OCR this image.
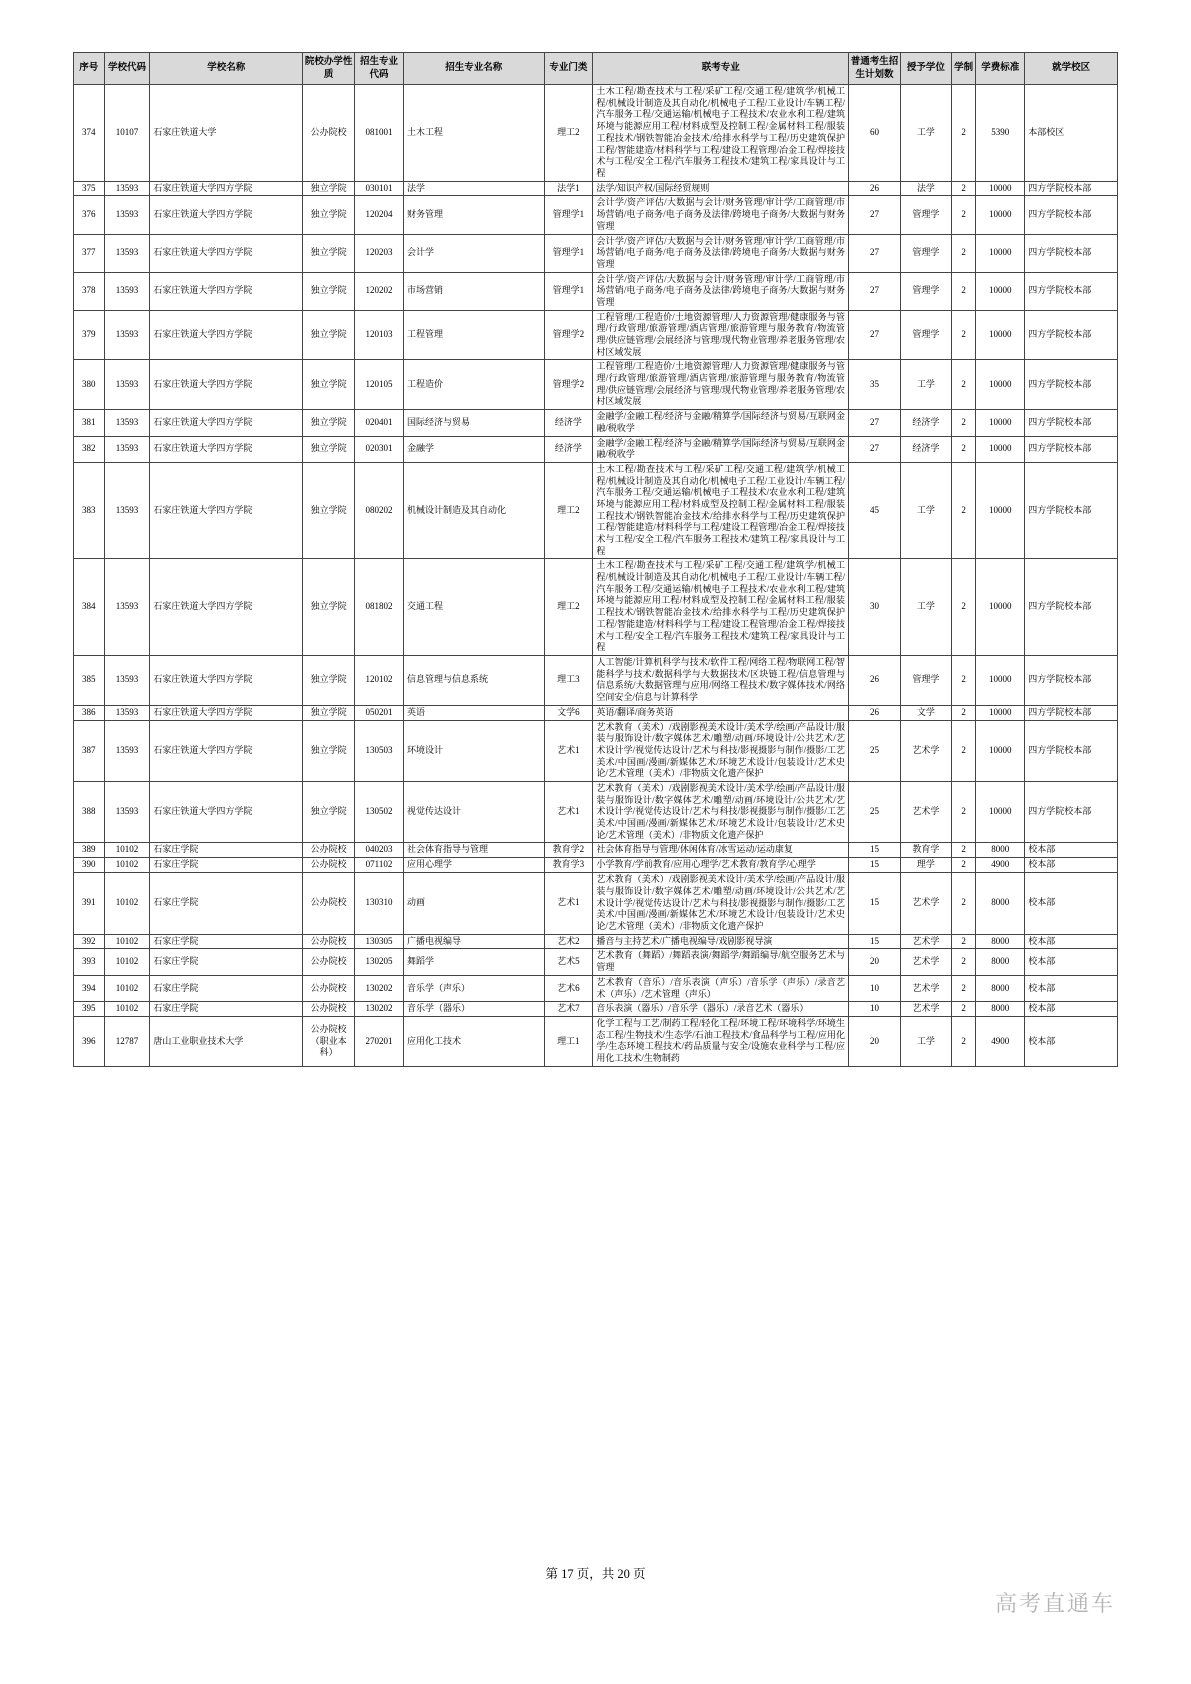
序号	学校代码	学校名称	院校办学性质	招生专业代码	招生专业名称	专业门类	联考专业	普通考生招生计划数	授予学位	学制	学费标准	就学校区
374	10107	石家庄铁道大学	公办院校	081001	土木工程	理工2	土木工程/勘查技术与工程/采矿工程/交通工程/建筑学/机械工程/机械设计制造及其自动化/机械电子工程/工业设计/车辆工程/汽车服务工程/交通运输/机械电子工程技术/农业水利工程/建筑环境与能源应用工程/材料成型及控制工程/金属材料工程/服装工程技术/钢铁智能冶金技术/给排水科学与工程/历史建筑保护工程/智能建造/材料科学与工程/建设工程管理/冶金工程/焊接技术与工程/安全工程/汽车服务工程技术/建筑工程/家具设计与工程	60	工学	2	5390	本部校区
375	13593	石家庄铁道大学四方学院	独立学院	030101	法学	法学1	法学/知识产权/国际经贸规则	26	法学	2	10000	四方学院校本部
376	13593	石家庄铁道大学四方学院	独立学院	120204	财务管理	管理学1	会计学/资产评估/大数据与会计/财务管理/审计学/工商管理/市场营销/电子商务/电子商务及法律/跨境电子商务/大数据与财务管理	27	管理学	2	10000	四方学院校本部
377	13593	石家庄铁道大学四方学院	独立学院	120203	会计学	管理学1	会计学/资产评估/大数据与会计/财务管理/审计学/工商管理/市场营销/电子商务/电子商务及法律/跨境电子商务/大数据与财务管理	27	管理学	2	10000	四方学院校本部
378	13593	石家庄铁道大学四方学院	独立学院	120202	市场营销	管理学1	会计学/资产评估/大数据与会计/财务管理/审计学/工商管理/市场营销/电子商务/电子商务及法律/跨境电子商务/大数据与财务管理	27	管理学	2	10000	四方学院校本部
379	13593	石家庄铁道大学四方学院	独立学院	120103	工程管理	管理学2	工程管理/工程造价/土地资源管理/人力资源管理/健康服务与管理/行政管理/旅游管理/酒店管理/旅游管理与服务教育/物流管理/供应链管理/会展经济与管理/现代物业管理/养老服务管理/农村区域发展	27	管理学	2	10000	四方学院校本部
380	13593	石家庄铁道大学四方学院	独立学院	120105	工程造价	管理学2	工程管理/工程造价/土地资源管理/人力资源管理/健康服务与管理/行政管理/旅游管理/酒店管理/旅游管理与服务教育/物流管理/供应链管理/会展经济与管理/现代物业管理/养老服务管理/农村区域发展	35	工学	2	10000	四方学院校本部
381	13593	石家庄铁道大学四方学院	独立学院	020401	国际经济与贸易	经济学	金融学/金融工程/经济与金融/精算学/国际经济与贸易/互联网金融/税收学	27	经济学	2	10000	四方学院校本部
382	13593	石家庄铁道大学四方学院	独立学院	020301	金融学	经济学	金融学/金融工程/经济与金融/精算学/国际经济与贸易/互联网金融/税收学	27	经济学	2	10000	四方学院校本部
383	13593	石家庄铁道大学四方学院	独立学院	080202	机械设计制造及其自动化	理工2	土木工程/勘查技术与工程/采矿工程/交通工程/建筑学/机械工程/机械设计制造及其自动化/机械电子工程/工业设计/车辆工程/汽车服务工程/交通运输/机械电子工程技术/农业水利工程/建筑环境与能源应用工程/材料成型及控制工程/金属材料工程/服装工程技术/钢铁智能冶金技术/给排水科学与工程/历史建筑保护工程/智能建造/材料科学与工程/建设工程管理/冶金工程/焊接技术与工程/安全工程/汽车服务工程技术/建筑工程/家具设计与工程	45	工学	2	10000	四方学院校本部
384	13593	石家庄铁道大学四方学院	独立学院	081802	交通工程	理工2	土木工程/勘查技术与工程/采矿工程/交通工程/建筑学/机械工程/机械设计制造及其自动化/机械电子工程/工业设计/车辆工程/汽车服务工程/交通运输/机械电子工程技术/农业水利工程/建筑环境与能源应用工程/材料成型及控制工程/金属材料工程/服装工程技术/钢铁智能冶金技术/给排水科学与工程/历史建筑保护工程/智能建造/材料科学与工程/建设工程管理/冶金工程/焊接技术与工程/安全工程/汽车服务工程技术/建筑工程/家具设计与工程	30	工学	2	10000	四方学院校本部
385	13593	石家庄铁道大学四方学院	独立学院	120102	信息管理与信息系统	理工3	人工智能/计算机科学与技术/软件工程/网络工程/物联网工程/智能科学与技术/数据科学与大数据技术/区块链工程/信息管理与信息系统/大数据管理与应用/网络工程技术/数字媒体技术/网络空间安全/信息与计算科学	26	管理学	2	10000	四方学院校本部
386	13593	石家庄铁道大学四方学院	独立学院	050201	英语	文学6	英语/翻译/商务英语	26	文学	2	10000	四方学院校本部
387	13593	石家庄铁道大学四方学院	独立学院	130503	环境设计	艺术1	艺术教育（美术）/戏剧影视美术设计/美术学/绘画/产品设计/服装与服饰设计/数字媒体艺术/雕塑/动画/环境设计/公共艺术/艺术设计学/视觉传达设计/艺术与科技/影视摄影与制作/摄影/工艺美术/中国画/漫画/新媒体艺术/环境艺术设计/包装设计/艺术史论/艺术管理（美术）/非物质文化遗产保护	25	艺术学	2	10000	四方学院校本部
388	13593	石家庄铁道大学四方学院	独立学院	130502	视觉传达设计	艺术1	艺术教育（美术）/戏剧影视美术设计/美术学/绘画/产品设计/服装与服饰设计/数字媒体艺术/雕塑/动画/环境设计/公共艺术/艺术设计学/视觉传达设计/艺术与科技/影视摄影与制作/摄影/工艺美术/中国画/漫画/新媒体艺术/环境艺术设计/包装设计/艺术史论/艺术管理（美术）/非物质文化遗产保护	25	艺术学	2	10000	四方学院校本部
389	10102	石家庄学院	公办院校	040203	社会体育指导与管理	教育学2	社会体育指导与管理/休闲体育/冰雪运动/运动康复	15	教育学	2	8000	校本部
390	10102	石家庄学院	公办院校	071102	应用心理学	教育学3	小学教育/学前教育/应用心理学/艺术教育/教育学/心理学	15	理学	2	4900	校本部
391	10102	石家庄学院	公办院校	130310	动画	艺术1	艺术教育（美术）/戏剧影视美术设计/美术学/绘画/产品设计/服装与服饰设计/数字媒体艺术/雕塑/动画/环境设计/公共艺术/艺术设计学/视觉传达设计/艺术与科技/影视摄影与制作/摄影/工艺美术/中国画/漫画/新媒体艺术/环境艺术设计/包装设计/艺术史论/艺术管理（美术）/非物质文化遗产保护	15	艺术学	2	8000	校本部
392	10102	石家庄学院	公办院校	130305	广播电视编导	艺术2	播音与主持艺术/广播电视编导/戏剧影视导演	15	艺术学	2	8000	校本部
393	10102	石家庄学院	公办院校	130205	舞蹈学	艺术5	艺术教育（舞蹈）/舞蹈表演/舞蹈学/舞蹈编导/航空服务艺术与管理	20	艺术学	2	8000	校本部
394	10102	石家庄学院	公办院校	130202	音乐学（声乐）	艺术6	艺术教育（音乐）/音乐表演（声乐）/音乐学（声乐）/录音艺术（声乐）/艺术管理（声乐）	10	艺术学	2	8000	校本部
395	10102	石家庄学院	公办院校	130202	音乐学（器乐）	艺术7	音乐表演（器乐）/音乐学（器乐）/录音艺术（器乐）	10	艺术学	2	8000	校本部
396	12787	唐山工业职业技术大学	公办院校（职业本科）	270201	应用化工技术	理工1	化学工程与工艺/制药工程/轻化工程/环境工程/环境科学/环境生态工程/生物技术/生态学/石油工程技术/食品科学与工程/应用化学/生态环境工程技术/药品质量与安全/设施农业科学与工程/应用化工技术/生物制药	20	工学	2	4900	校本部
第 17 页，共 20 页
高考直通车
